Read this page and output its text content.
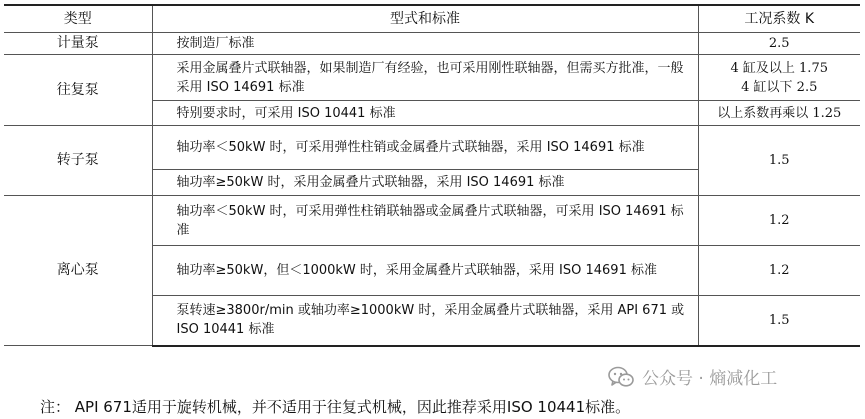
类型	型式和标准	工况系数 K
计量泵	按制造厂标准	2.5
往复泵	采用金属叠片式联轴器，如果制造厂有经验，也可采用刚性联轴器，但需买方批准，一般采用 ISO 14691 标准	4 缸及以上 1.75
4 缸以下 2.5

	特别要求时，可采用 ISO 10441 标准	以上系数再乘以 1.25
转子泵	轴功率＜50kW 时，可采用弹性柱销或金属叠片式联轴器，采用 ISO 14691 标准	1.5
	轴功率≥50kW 时，采用金属叠片式联轴器，采用 ISO 14691 标准	
离心泵	轴功率＜50kW 时，可采用弹性柱销联轴器或金属叠片式联轴器，可采用 ISO 14691 标准	1.2
	轴功率≥50kW，但＜1000kW 时，采用金属叠片式联轴器，采用 ISO 14691 标准	1.2
	泵转速≥3800r/min 或轴功率≥1000kW 时，采用金属叠片式联轴器，采用 API 671 或 ISO 10441 标准	1.5
公众号 · 熵减化工
注： API 671适用于旋转机械，并不适用于往复式机械，因此推荐采用ISO 10441标准。
